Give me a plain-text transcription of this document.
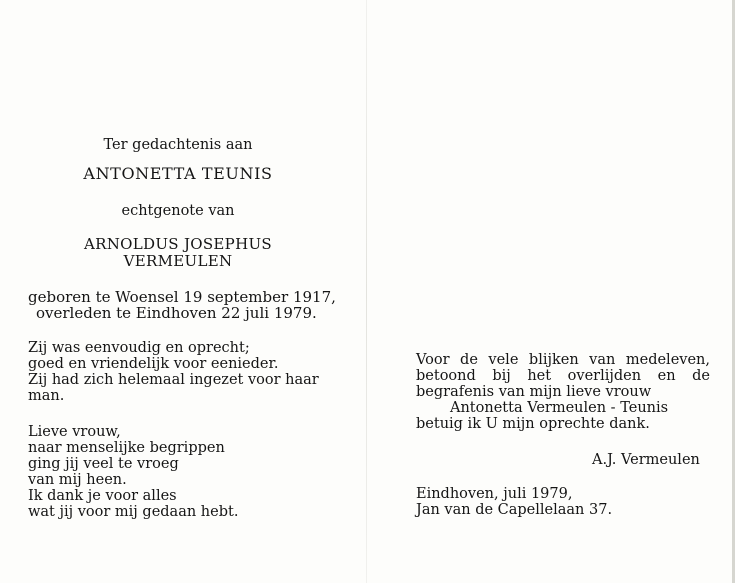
Ter gedachtenis aan
ANTONETTA TEUNIS
echtgenote van
ARNOLDUS JOSEPHUS
VERMEULEN
geboren te Woensel 19 september 1917,
overleden te Eindhoven 22 juli 1979.
Zij was eenvoudig en oprecht;
goed en vriendelijk voor eenieder.
Zij had zich helemaal ingezet voor haar
man.
Lieve vrouw,
naar menselijke begrippen
ging jij veel te vroeg
van mij heen.
Ik dank je voor alles
wat jij voor mij gedaan hebt.
Voor de vele blijken van medeleven,
betoond bij het overlijden en de
begrafenis van mijn lieve vrouw
Antonetta Vermeulen - Teunis
betuig ik U mijn oprechte dank.
A.J. Vermeulen
Eindhoven, juli 1979,
Jan van de Capellelaan 37.
